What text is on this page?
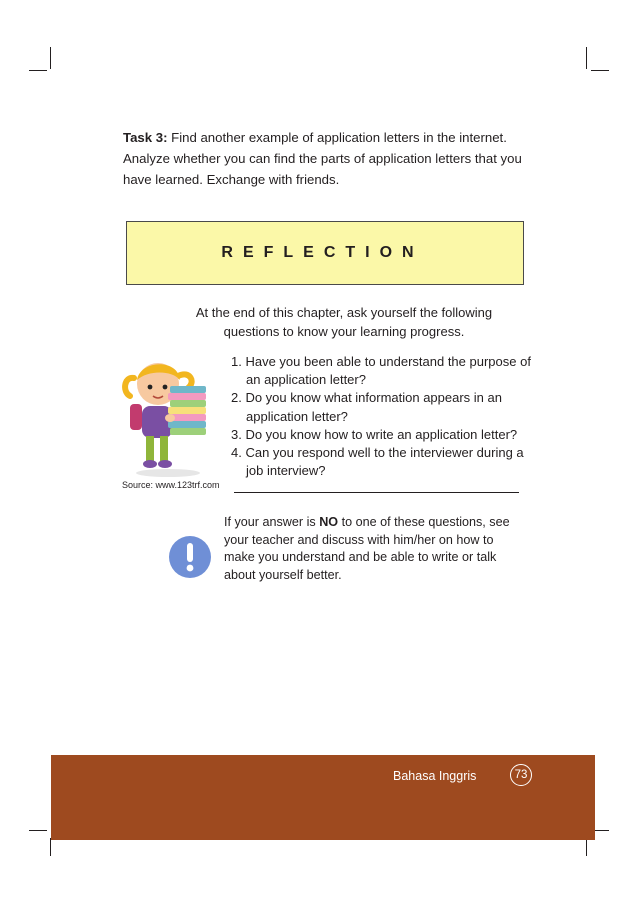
Task 3: Find another example of application letters in the internet. Analyze whether you can find the parts of application letters that you have learned. Exchange with friends.
REFLECTION
At the end of this chapter, ask yourself the following questions to know your learning progress.
1. Have you been able to understand the purpose of an application letter?
2. Do you know what information appears in an application letter?
3. Do you know how to write an application letter?
4. Can you respond well to the interviewer during a job interview?
Source: www.123trf.com
If your answer is NO to one of these questions, see your teacher and discuss with him/her on how to make you understand and be able to write or talk about yourself better.
Bahasa Inggris	73
